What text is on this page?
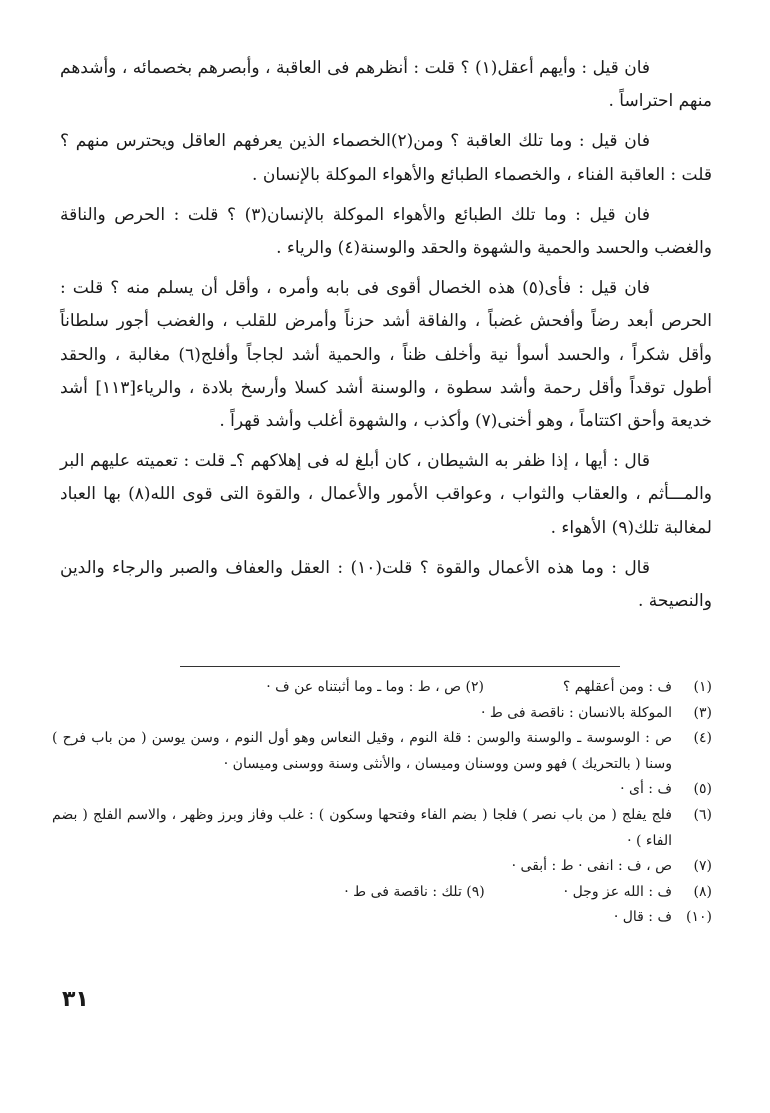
فان قيل : وأيهم أعقل(١) ؟ قلت : أنظرهم فى العاقبة ، وأبصرهم بخصمائه ، وأشدهم منهم احتراساً .

فان قيل : وما تلك العاقبة ؟ ومن(٢)الخصماء الذين يعرفهم العاقل ويحترس منهم ؟ قلت : العاقبة الفناء ، والخصماء الطبائع والأهواء الموكلة بالإنسان .

فان قيل : وما تلك الطبائع والأهواء الموكلة بالإنسان(٣) ؟ قلت : الحرص والناقة والغضب والحسد والحمية والشهوة والحقد والوسنة(٤) والرياء .

فان قيل : فأى(٥) هذه الخصال أقوى فى بابه وأمره ، وأقل أن يسلم منه ؟ قلت : الحرص أبعد رضاً وأفحش غضباً ، والفاقة أشد حزناً وأمرض للقلب ، والغضب أجور سلطاناً وأقل شكراً ، والحسد أسوأ نية وأخلف ظناً ، والحمية أشد لجاجاً وأفلج(٦) مغالبة ، والحقد أطول توقداً وأقل رحمة وأشد سطوة ، والوسنة أشد كسلا وأرسخ بلادة ، والرياء[١١٣] أشد خديعة وأحق اكتتاماً ، وهو أخنى(٧) وأكذب ، والشهوة أغلب وأشد قهراً .

قال : أيها ، إذا ظفر به الشيطان ، كان أبلغ له فى إهلاكهم ؟ـ قلت : تعميته عليهم البر والمـــأثم ، والعقاب والثواب ، وعواقب الأمور والأعمال ، والقوة التى قوى الله(٨) بها العباد لمغالبة تلك(٩) الأهواء .

قال : وما هذه الأعمال والقوة ؟ قلت(١٠) : العقل والعفاف والصبر والرجاء والدين والنصيحة .

(١)
ف : ومن أعقلهم ؟  (٢) ص ، ط : وما ـ وما أثبتناه عن ف ·
(٣)
الموكلة بالانسان : ناقصة فى ط ·
(٤)
ص : الوسوسة ـ والوسنة والوسن : قلة النوم ، وقيل النعاس وهو أول النوم ، وسن يوسن ( من باب فرح ) وسنا ( بالتحريك ) فهو وسن ووسنان وميسان ، والأنثى وسنة ووسنى وميسان ·
(٥)
ف : أى ·
(٦)
فلج يفلج ( من باب نصر ) فلجا ( بضم الفاء وفتحها وسكون ) : غلب وفاز وبرز وظهر ، والاسم الفلج ( بضم الفاء ) ·
(٧)
ص ، ف : انفى · ط : أبقى ·
(٨)
ف : الله عز وجل ·  (٩) تلك : ناقصة فى ط ·
(١٠)
ف : قال ·
٣١
